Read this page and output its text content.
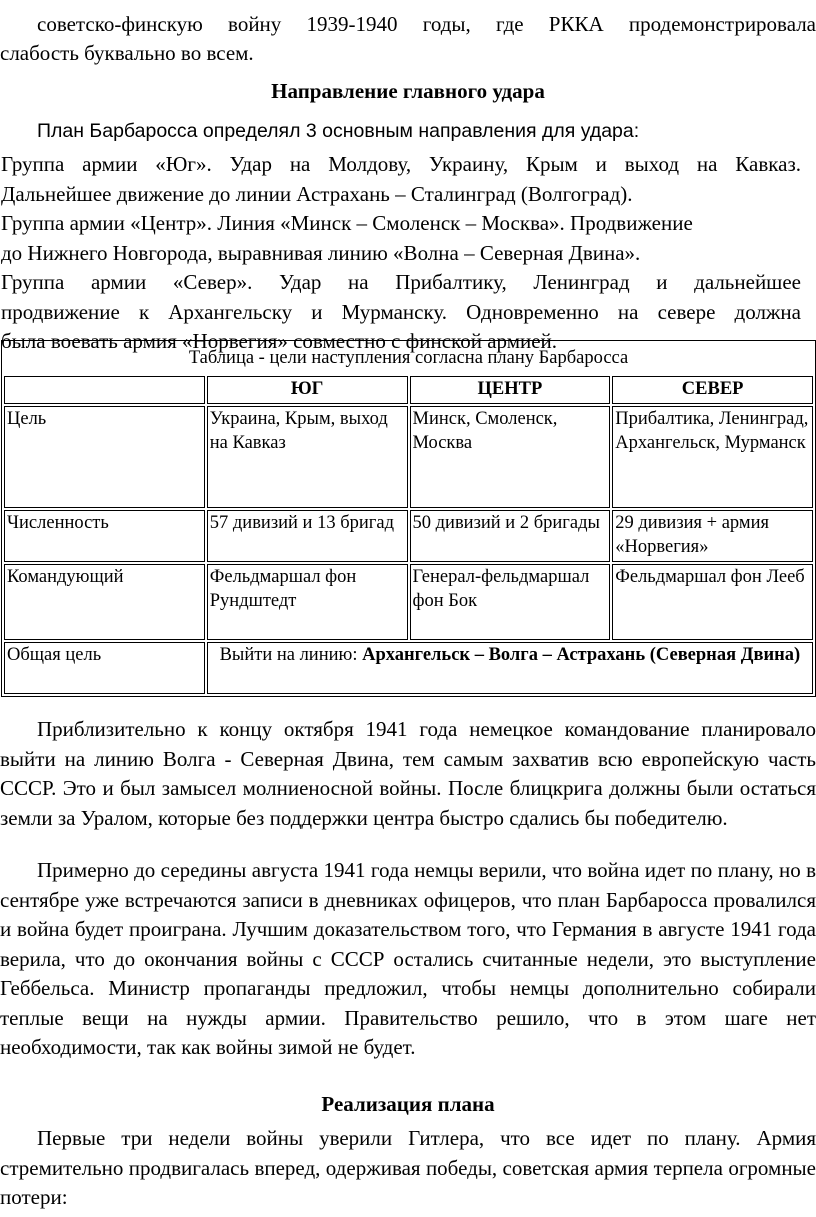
советско-финскую войну 1939-1940 годы, где РККА продемонстрировала
слабость буквально во всем.
Направление главного удара
План Барбаросса определял 3 основным направления для удара:
Группа армии «Юг». Удар на Молдову, Украину, Крым и выход на Кавказ.
Дальнейшее движение до линии Астрахань – Сталинград (Волгоград).
Группа армии «Центр». Линия «Минск – Смоленск – Москва». Продвижение
до Нижнего Новгорода, выравнивая линию «Волна – Северная Двина».
Группа армии «Север». Удар на Прибалтику, Ленинград и дальнейшее
продвижение к Архангельску и Мурманску. Одновременно на севере должна
была воевать армия «Норвегия» совместно с финской армией.
Таблица - цели наступления согласна плану Барбаросса			
	ЮГ	ЦЕНТР	СЕВЕР
Цель	Украина, Крым, выход на Кавказ	Минск, Смоленск, Москва	Прибалтика, Ленинград, Архангельск, Мурманск
Численность	57 дивизий и 13 бригад	50 дивизий и 2 бригады	29 дивизия + армия «Норвегия»
Командующий	Фельдмаршал фон Рундштедт	Генерал-фельдмаршал фон Бок	Фельдмаршал фон Лееб
Общая цель	Выйти на линию: Архангельск – Волга – Астрахань (Северная Двина)		
Приблизительно к концу октября 1941 года немецкое командование планировало выйти на линию Волга - Северная Двина, тем самым захватив всю европейскую часть СССР. Это и был замысел молниеносной войны. После блицкрига должны были остаться земли за Уралом, которые без поддержки центра быстро сдались бы победителю.
Примерно до середины августа 1941 года немцы верили, что война идет по плану, но в сентябре уже встречаются записи в дневниках офицеров, что план Барбаросса провалился и война будет проиграна. Лучшим доказательством того, что Германия в августе 1941 года верила, что до окончания войны с СССР остались считанные недели, это выступление Геббельса. Министр пропаганды предложил, чтобы немцы дополнительно собирали теплые вещи на нужды армии. Правительство решило, что в этом шаге нет необходимости, так как войны зимой не будет.
Реализация плана
Первые три недели войны уверили Гитлера, что все идет по плану. Армия стремительно продвигалась вперед, одерживая победы, советская армия терпела огромные потери:
